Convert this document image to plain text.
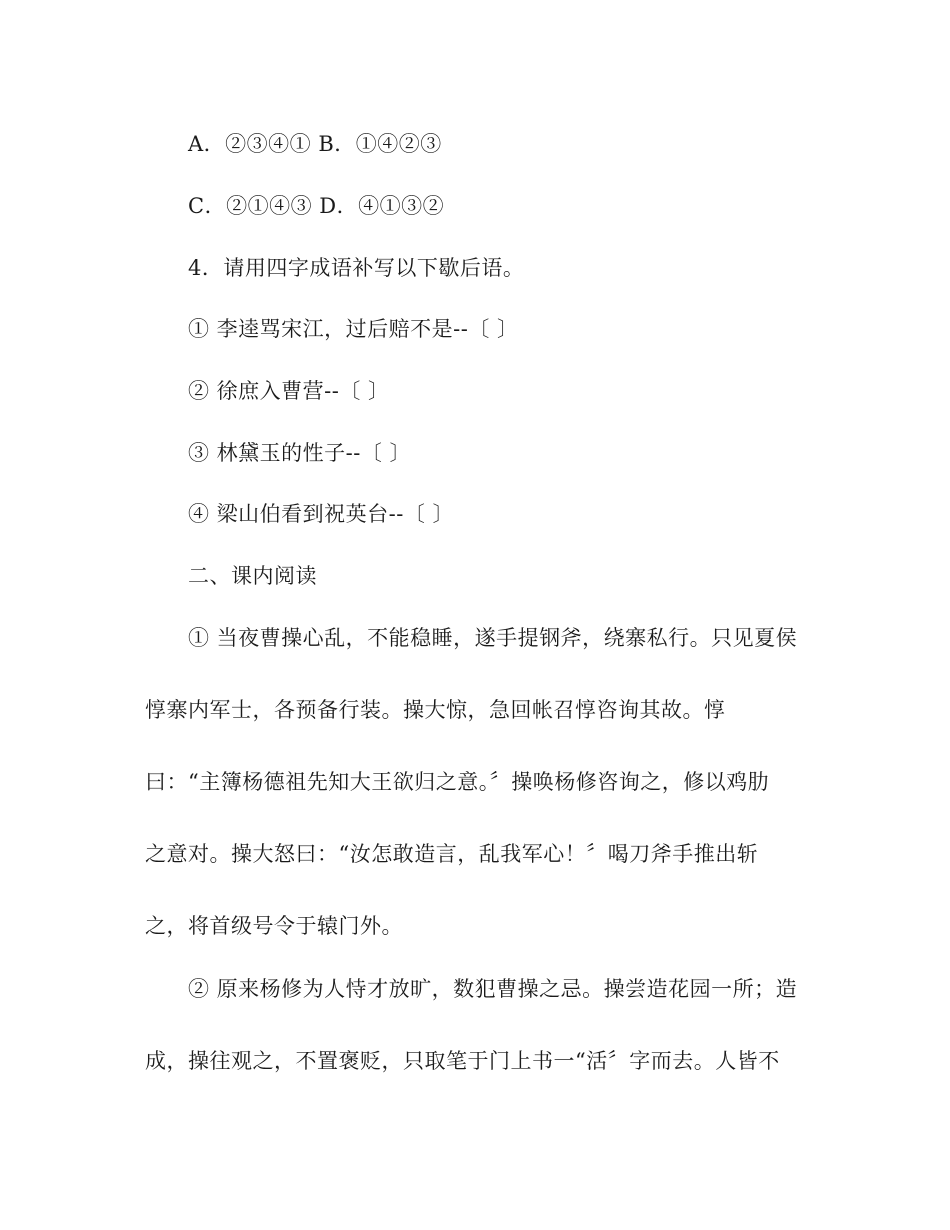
A．②③④① B．①④②③
C．②①④③ D．④①③②
4．请用四字成语补写以下歇后语。
① 李逵骂宋江，过后赔不是--〔 〕
② 徐庶入曹营--〔 〕
③ 林黛玉的性子--〔 〕
④ 梁山伯看到祝英台--〔 〕
二、课内阅读
① 当夜曹操心乱，不能稳睡，遂手提钢斧，绕寨私行。只见夏侯
惇寨内军士，各预备行装。操大惊，急回帐召惇咨询其故。惇
曰：“主簿杨德祖先知大王欲归之意。〞操唤杨修咨询之，修以鸡肋
之意对。操大怒曰：“汝怎敢造言，乱我军心！〞喝刀斧手推出斩
之，将首级号令于辕门外。
② 原来杨修为人恃才放旷，数犯曹操之忌。操尝造花园一所；造
成，操往观之，不置褒贬，只取笔于门上书一“活〞字而去。人皆不
